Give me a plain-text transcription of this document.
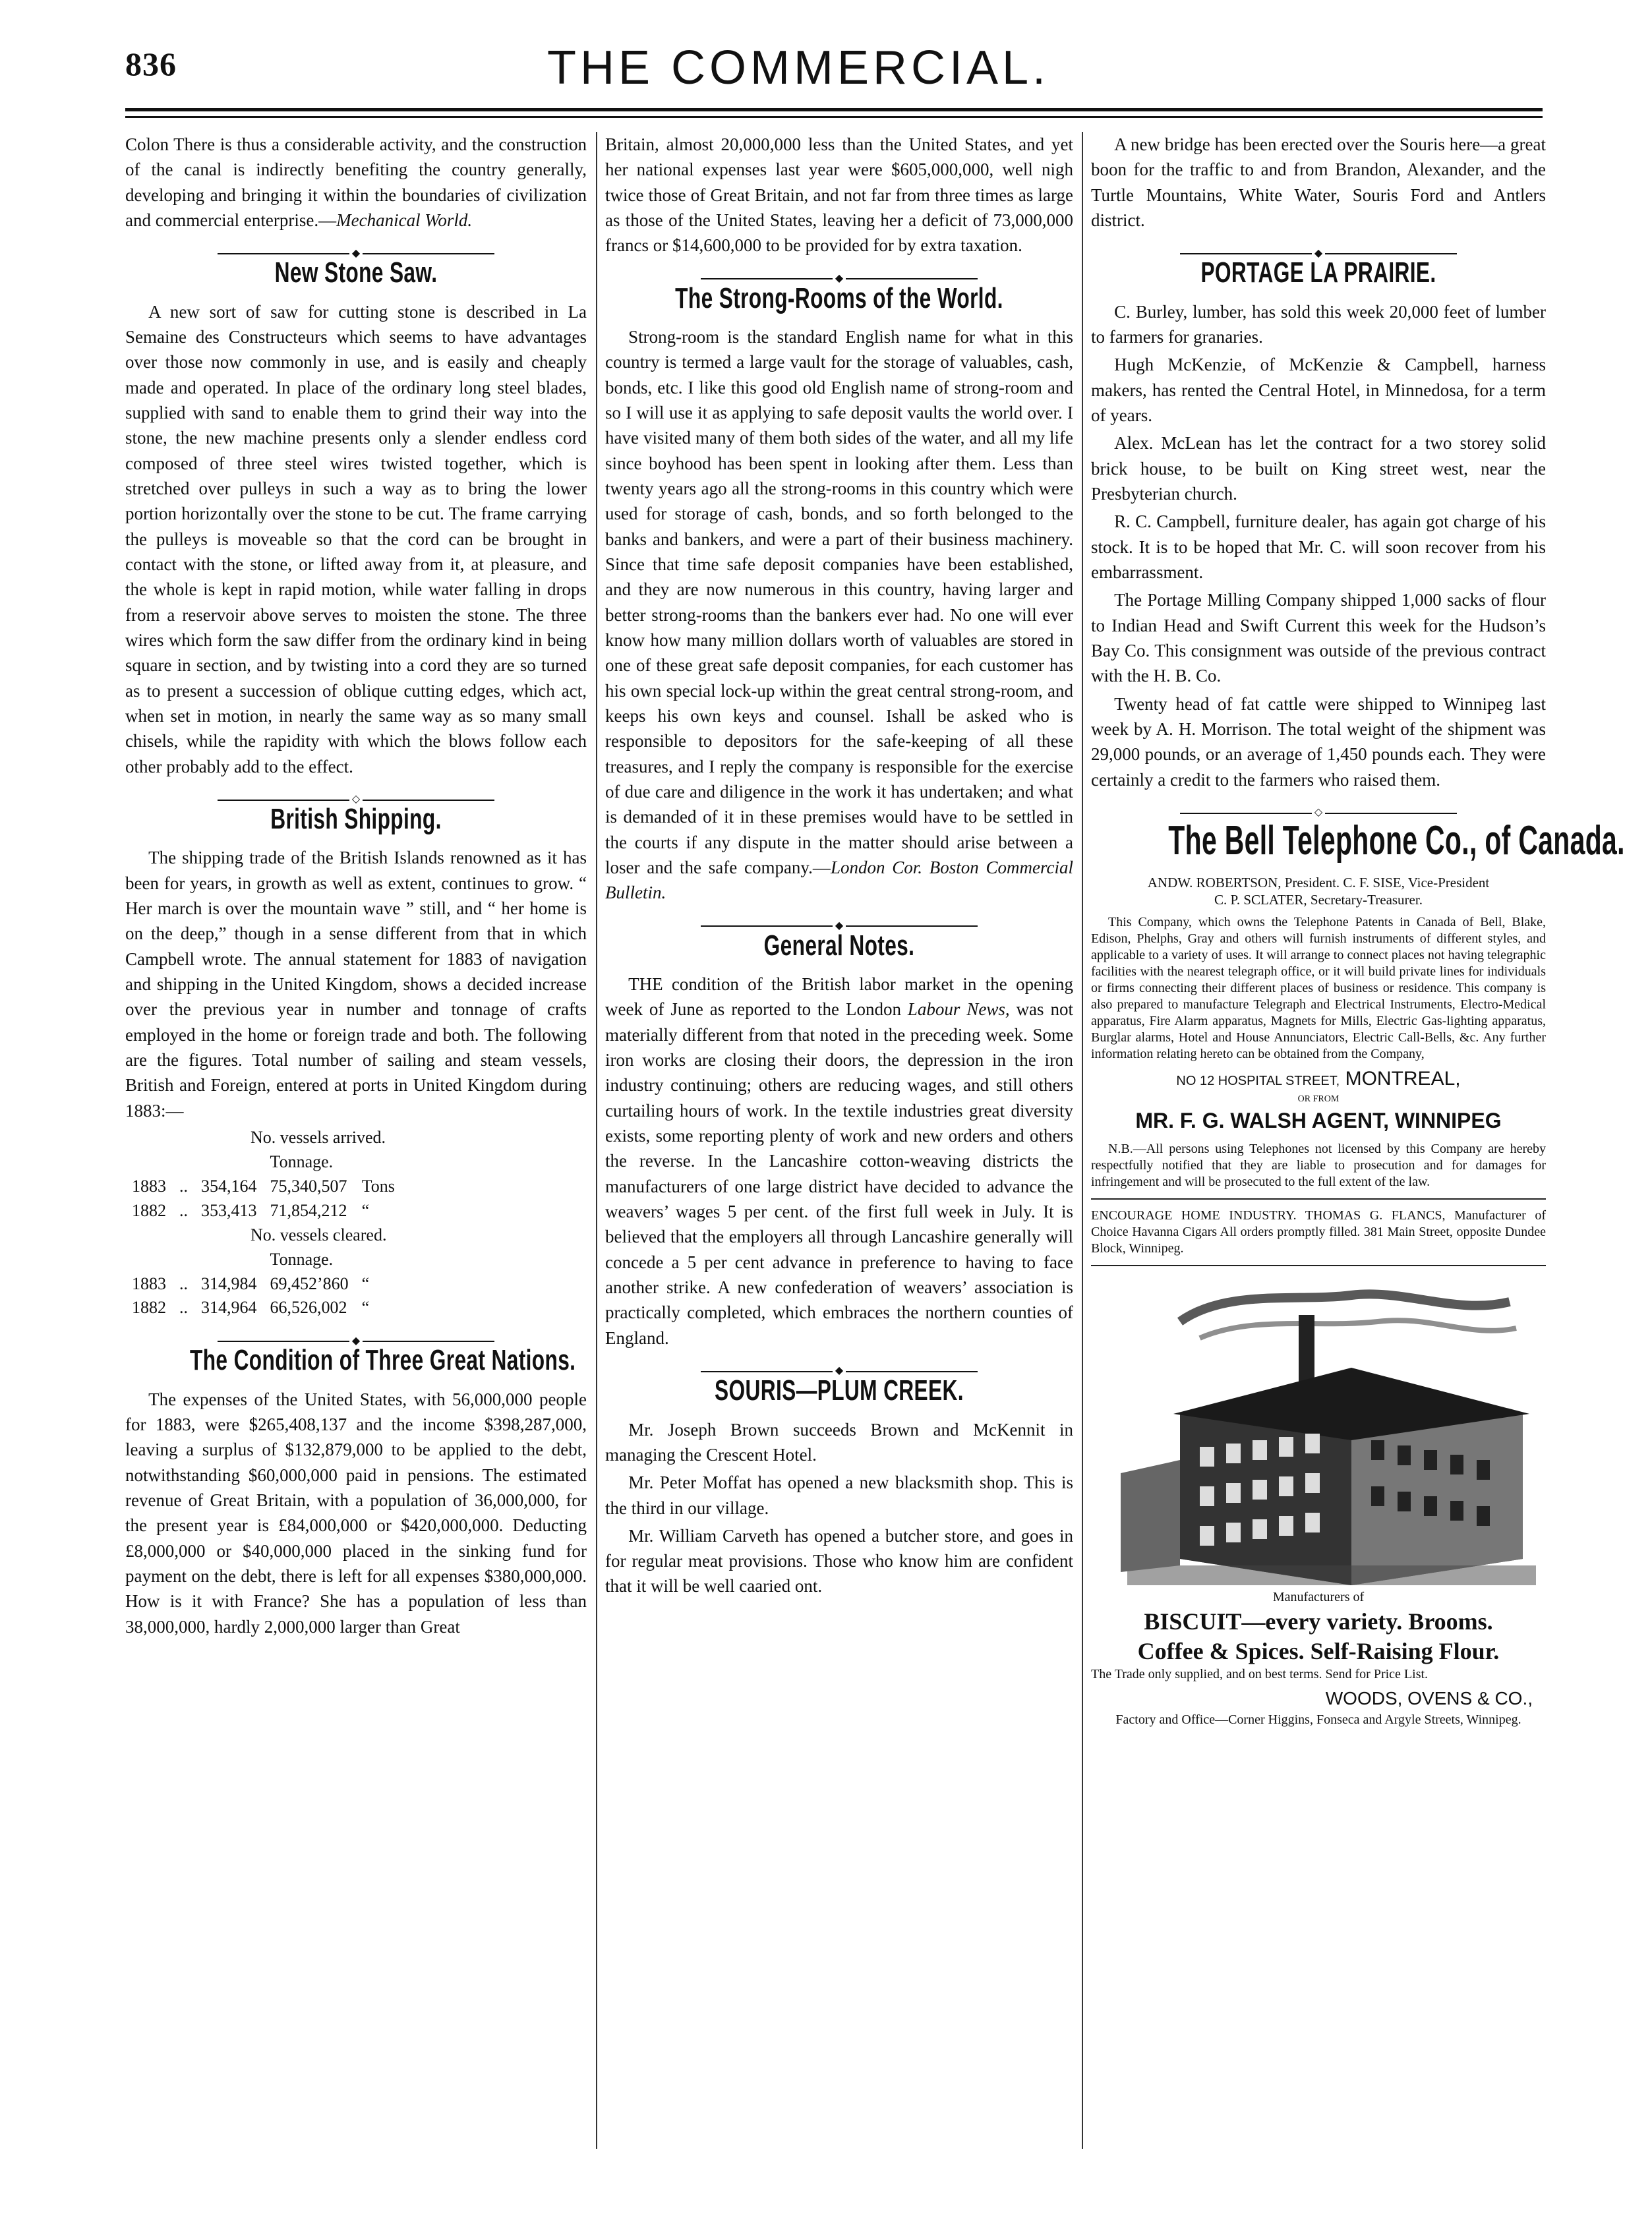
836	THE COMMERCIAL.

Colon There is thus a considerable activity, and the construction of the canal is indirectly benefiting the country generally, developing and bringing it within the boundaries of civilization and commercial enterprise.—Mechanical World.

◆
New Stone Saw.

A new sort of saw for cutting stone is described in La Semaine des Constructeurs which seems to have advantages over those now commonly in use, and is easily and cheaply made and operated. In place of the ordinary long steel blades, supplied with sand to enable them to grind their way into the stone, the new machine presents only a slender endless cord composed of three steel wires twisted together, which is stretched over pulleys in such a way as to bring the lower portion horizontally over the stone to be cut. The frame carrying the pulleys is moveable so that the cord can be brought in contact with the stone, or lifted away from it, at pleasure, and the whole is kept in rapid motion, while water falling in drops from a reservoir above serves to moisten the stone. The three wires which form the saw differ from the ordinary kind in being square in section, and by twisting into a cord they are so turned as to present a succession of oblique cutting edges, which act, when set in motion, in nearly the same way as so many small chisels, while the rapidity with which the blows follow each other probably add to the effect.

◇
British Shipping.

The shipping trade of the British Islands renowned as it has been for years, in growth as well as extent, continues to grow. “ Her march is over the mountain wave ” still, and “ her home is on the deep,” though in a sense different from that in which Campbell wrote. The annual statement for 1883 of navigation and shipping in the United Kingdom, shows a decided increase over the previous year in number and tonnage of crafts employed in the home or foreign trade and both. The following are the figures. Total number of sailing and steam vessels, British and Foreign, entered at ports in United Kingdom during 1883:—

No. vessels arrived.				
			Tonnage.	
1883	..	354,164	75,340,507	Tons
1882	..	353,413	71,854,212	“
No. vessels cleared.				
			Tonnage.	
1883	..	314,984	69,452’860	“
1882	..	314,964	66,526,002	“
◆
The Condition of Three Great Nations.

The expenses of the United States, with 56,000,000 people for 1883, were $265,408,137 and the income $398,287,000, leaving a surplus of $132,879,000 to be applied to the debt, notwithstanding $60,000,000 paid in pensions. The estimated revenue of Great Britain, with a population of 36,000,000, for the present year is £84,000,000 or $420,000,000. Deducting £8,000,000 or $40,000,000 placed in the sinking fund for payment on the debt, there is left for all expenses $380,000,000. How is it with France? She has a population of less than 38,000,000, hardly 2,000,000 larger than Great

Britain, almost 20,000,000 less than the United States, and yet her national expenses last year were $605,000,000, well nigh twice those of Great Britain, and not far from three times as large as those of the United States, leaving her a deficit of 73,000,000 francs or $14,600,000 to be provided for by extra taxation.

◆
The Strong-Rooms of the World.

Strong-room is the standard English name for what in this country is termed a large vault for the storage of valuables, cash, bonds, etc. I like this good old English name of strong-room and so I will use it as applying to safe deposit vaults the world over. I have visited many of them both sides of the water, and all my life since boyhood has been spent in looking after them. Less than twenty years ago all the strong-rooms in this country which were used for storage of cash, bonds, and so forth belonged to the banks and bankers, and were a part of their business machinery. Since that time safe deposit companies have been established, and they are now numerous in this country, having larger and better strong-rooms than the bankers ever had. No one will ever know how many million dollars worth of valuables are stored in one of these great safe deposit companies, for each customer has his own special lock-up within the great central strong-room, and keeps his own keys and counsel. Ishall be asked who is responsible to depositors for the safe-keeping of all these treasures, and I reply the company is responsible for the exercise of due care and diligence in the work it has undertaken; and what is demanded of it in these premises would have to be settled in the courts if any dispute in the matter should arise between a loser and the safe company.—London Cor. Boston Commercial Bulletin.

◆
General Notes.

THE condition of the British labor market in the opening week of June as reported to the London Labour News, was not materially different from that noted in the preceding week. Some iron works are closing their doors, the depression in the iron industry continuing; others are reducing wages, and still others curtailing hours of work. In the textile industries great diversity exists, some reporting plenty of work and new orders and others the reverse. In the Lancashire cotton-weaving districts the manufacturers of one large district have decided to advance the weavers’ wages 5 per cent. of the first full week in July. It is believed that the employers all through Lancashire generally will concede a 5 per cent advance in preference to having to face another strike. A new confederation of weavers’ association is practically completed, which embraces the northern counties of England.

◆
SOURIS—PLUM CREEK.

Mr. Joseph Brown succeeds Brown and McKennit in managing the Crescent Hotel.

Mr. Peter Moffat has opened a new blacksmith shop. This is the third in our village.

Mr. William Carveth has opened a butcher store, and goes in for regular meat provisions. Those who know him are confident that it will be well caaried ont.

A new bridge has been erected over the Souris here—a great boon for the traffic to and from Brandon, Alexander, and the Turtle Mountains, White Water, Souris Ford and Antlers district.

◆
PORTAGE LA PRAIRIE.

C. Burley, lumber, has sold this week 20,000 feet of lumber to farmers for granaries.

Hugh McKenzie, of McKenzie & Campbell, harness makers, has rented the Central Hotel, in Minnedosa, for a term of years.

Alex. McLean has let the contract for a two storey solid brick house, to be built on King street west, near the Presbyterian church.

R. C. Campbell, furniture dealer, has again got charge of his stock. It is to be hoped that Mr. C. will soon recover from his embarrassment.

The Portage Milling Company shipped 1,000 sacks of flour to Indian Head and Swift Current this week for the Hudson’s Bay Co. This consignment was outside of the previous contract with the H. B. Co.

Twenty head of fat cattle were shipped to Winnipeg last week by A. H. Morrison. The total weight of the shipment was 29,000 pounds, or an average of 1,450 pounds each. They were certainly a credit to the farmers who raised them.

◇
The Bell Telephone Co., of Canada.
ANDW. ROBERTSON, President. C. F. SISE, Vice-President
C. P. SCLATER, Secretary-Treasurer.

This Company, which owns the Telephone Patents in Canada of Bell, Blake, Edison, Phelphs, Gray and others will furnish instruments of different styles, and applicable to a variety of uses. It will arrange to connect places not having telegraphic facilities with the nearest telegraph office, or it will build private lines for individuals or firms connecting their different places of business or residence. This company is also prepared to manufacture Telegraph and Electrical Instruments, Electro-Medical apparatus, Fire Alarm apparatus, Magnets for Mills, Electric Gas-lighting apparatus, Burglar alarms, Hotel and House Annunciators, Electric Call-Bells, &c. Any further information relating hereto can be obtained from the Company,

NO 12 HOSPITAL STREET, MONTREAL,
OR FROM
MR. F. G. WALSH AGENT, WINNIPEG

N.B.—All persons using Telephones not licensed by this Company are hereby respectfully notified that they are liable to prosecution and for damages for infringement and will be prosecuted to the full extent of the law.

ENCOURAGE HOME INDUSTRY. THOMAS G. FLANCS, Manufacturer of Choice Havanna Cigars All orders promptly filled. 381 Main Street, opposite Dundee Block, Winnipeg.

Manufacturers of
BISCUIT—every variety. Brooms.
Coffee & Spices. Self-Raising Flour.

The Trade only supplied, and on best terms. Send for Price List.

WOODS, OVENS & CO.,
Factory and Office—Corner Higgins, Fonseca and Argyle Streets, Winnipeg.
